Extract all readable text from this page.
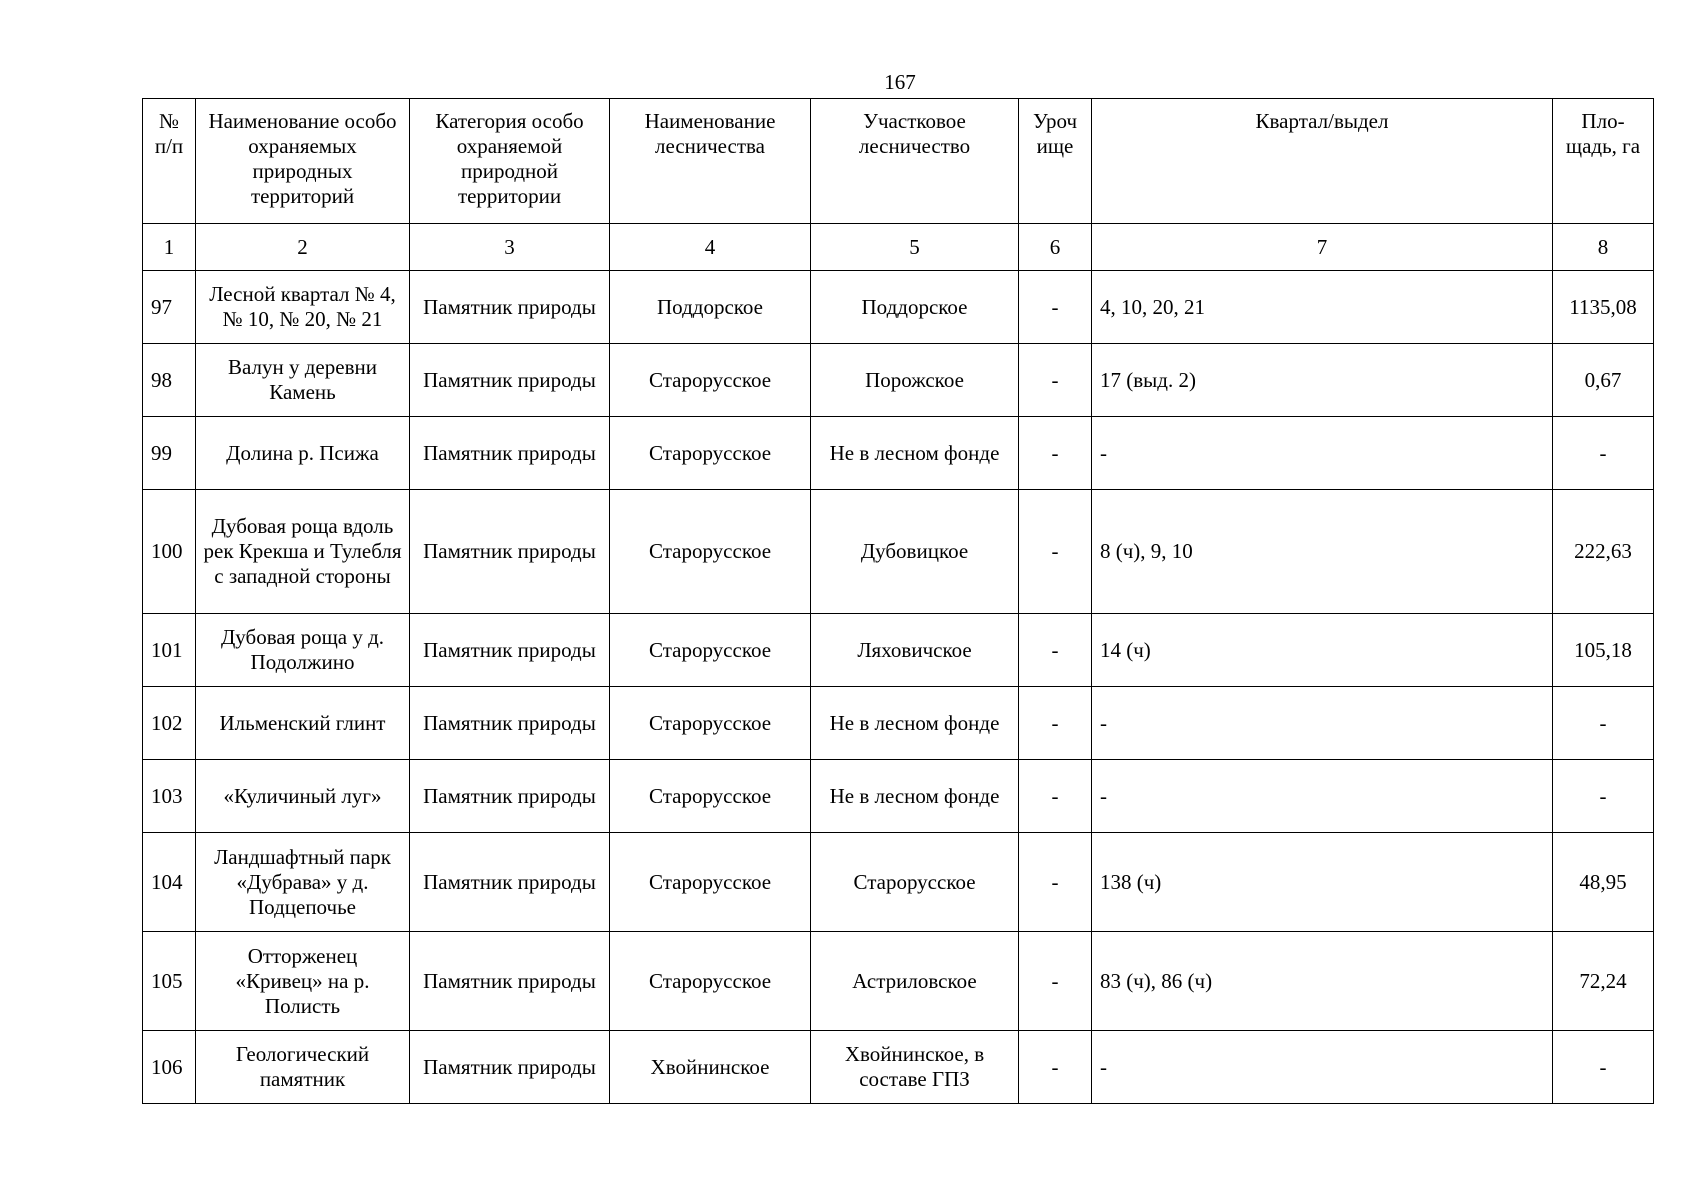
167
№ п/п	Наименование особо охраняемых природных территорий	Категория особо охраняемой природной территории	Наименование лесничества	Участковое лесничество	Уроч ище	Квартал/выдел	Пло-щадь, га
1	2	3	4	5	6	7	8
97	Лесной квартал № 4, № 10, № 20, № 21	Памятник природы	Поддорское	Поддорское	-	4, 10, 20, 21	1135,08
98	Валун у деревни Камень	Памятник природы	Старорусское	Порожское	-	17 (выд. 2)	0,67
99	Долина р. Псижа	Памятник природы	Старорусское	Не в лесном фонде	-	-	-
100	Дубовая роща вдоль рек Крекша и Тулебля с западной стороны	Памятник природы	Старорусское	Дубовицкое	-	8 (ч), 9, 10	222,63
101	Дубовая роща у д. Подолжино	Памятник природы	Старорусское	Ляховичское	-	14 (ч)	105,18
102	Ильменский глинт	Памятник природы	Старорусское	Не в лесном фонде	-	-	-
103	«Куличиный луг»	Памятник природы	Старорусское	Не в лесном фонде	-	-	-
104	Ландшафтный парк «Дубрава» у д. Подцепочье	Памятник природы	Старорусское	Старорусское	-	138 (ч)	48,95
105	Отторженец «Кривец» на р. Полисть	Памятник природы	Старорусское	Астриловское	-	83 (ч), 86 (ч)	72,24
106	Геологический памятник	Памятник природы	Хвойнинское	Хвойнинское, в составе ГПЗ	-	-	-
